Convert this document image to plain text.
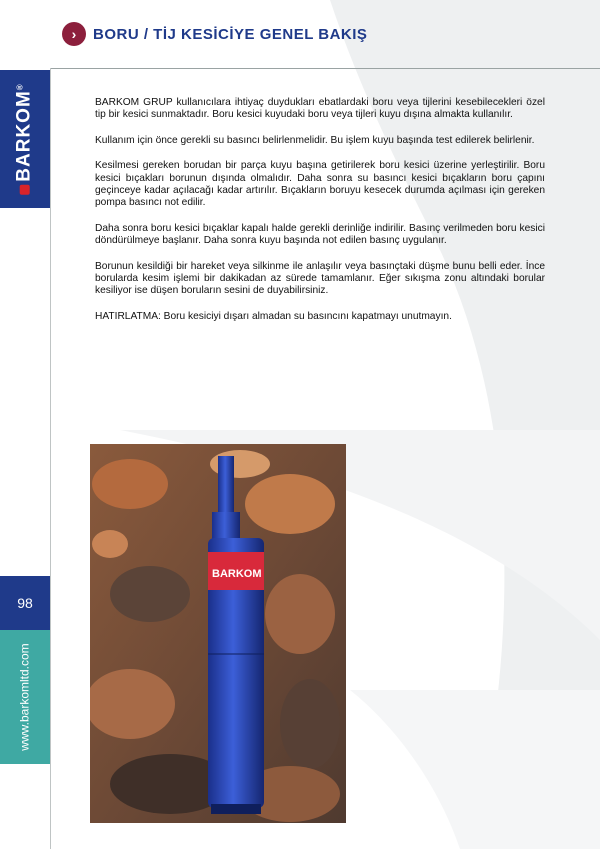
›	BORU / TİJ KESİCİYE GENEL BAKIŞ
BARKOM®
98
www.barkomltd.com

BARKOM GRUP kullanıcılara ihtiyaç duydukları ebatlardaki boru veya tijlerini kesebilecekleri özel tip bir kesici sunmaktadır. Boru kesici kuyudaki boru veya tijleri kuyu dışına almakta kullanılır.

Kullanım için önce gerekli su basıncı belirlenmelidir. Bu işlem kuyu başında test edilerek belirlenir.

Kesilmesi gereken borudan bir parça kuyu başına getirilerek boru kesici üzerine yerleştirilir. Boru kesici bıçakları borunun dışında olmalıdır. Daha sonra su basıncı kesici bıçakların boru çapını geçinceye kadar açılacağı kadar artırılır. Bıçakların boruyu kesecek durumda açılması için gereken pompa basıncı not edilir.

Daha sonra boru kesici bıçaklar kapalı halde gerekli derinliğe indirilir. Basınç verilmeden boru kesici döndürülmeye başlanır. Daha sonra kuyu başında not edilen basınç uygulanır.

Borunun kesildiği bir hareket veya silkinme ile anlaşılır veya basınçtaki düşme bunu belli eder. İnce borularda kesim işlemi bir dakikadan az sürede tamamlanır. Eğer sıkışma zonu altındaki borular kesiliyor ise düşen boruların sesini de duyabilirsiniz.

HATIRLATMA: Boru kesiciyi dışarı almadan su basıncını kapatmayı unutmayın.

BARKOM
